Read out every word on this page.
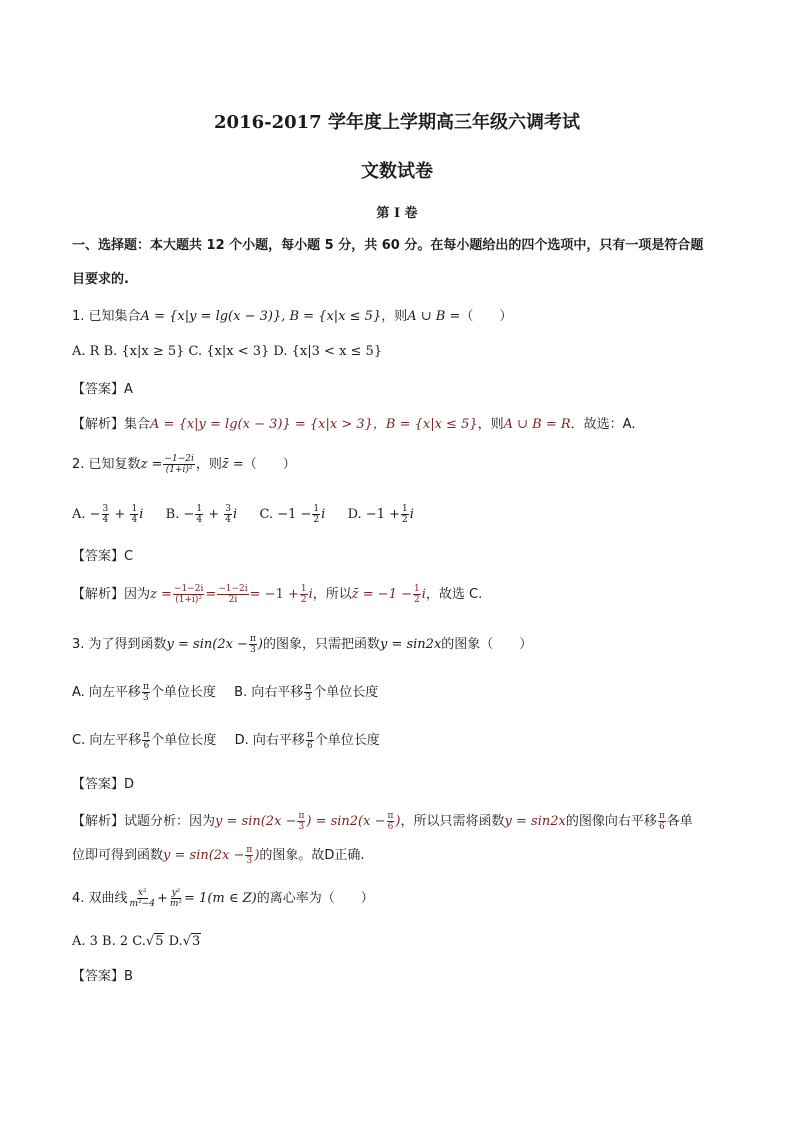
2016-2017 学年度上学期高三年级六调考试
文数试卷
第 I 卷
一、选择题：本大题共 12 个小题，每小题 5 分，共 60 分。在每小题给出的四个选项中，只有一项是符合题
目要求的.
1. 已知集合A = {x|y = lg(x − 3)}, B = {x|x ≤ 5}，则A ∪ B =（　　）
A. R B. {x|x ≥ 5} C. {x|x < 3} D. {x|3 < x ≤ 5}
【答案】A
【解析】集合A = {x|y = lg(x − 3)} = {x|x > 3}，B = {x|x ≤ 5}，则A ∪ B = R．故选：A.
2. 已知复数$z = \frac{-1-2i}{\text{(1+i)²}}$ ，则z̄ =（　　）
A. − $\frac{3}{4} + \frac{1}{4}$ i B. − $\frac{1}{4} + \frac{3}{4}$ i C. $-1 - \frac{1}{2}$ i D. $-1 + \frac{1}{2}$ i
【答案】C
【解析】因为$z = \frac{-1-2i}{\text{(1+i)²}} = \frac{-1-2i}{2i} = -1 + \frac{1}{2}$ i，所以z̄ = $-1 - \frac{1}{2}$ i，故选 C.
3. 为了得到函数$y = \sin(2x - \frac{\pi}{3}$ )的图象，只需把函数y = sin2x的图象（　　）
A. 向左平移 $\frac{\pi}{3}$ 个单位长度 B. 向右平移 $\frac{\pi}{3}$ 个单位长度
C. 向左平移 $\frac{\pi}{6}$ 个单位长度 D. 向右平移 $\frac{\pi}{6}$ 个单位长度
【答案】D
【解析】试题分析：因为$y = \sin(2x - \frac{\pi}{3}$ ) = $\sin 2(x - \frac{\pi}{6}$ )，所以只需将函数y = sin2x的图像向右平移 $\frac{\pi}{6}$ 各单
位即可得到函数$y = \sin(2x - \frac{\pi}{3}$ )的图象。故D正确.
4. 双曲线 $\frac{\text{x²}}{\text{m²−4}} + \frac{\text{y²}}{\text{m²}} = 1(m$ ∈ Z)的离心率为（　　）
A. 3 B. 2 C.√5 D.√3
【答案】B
